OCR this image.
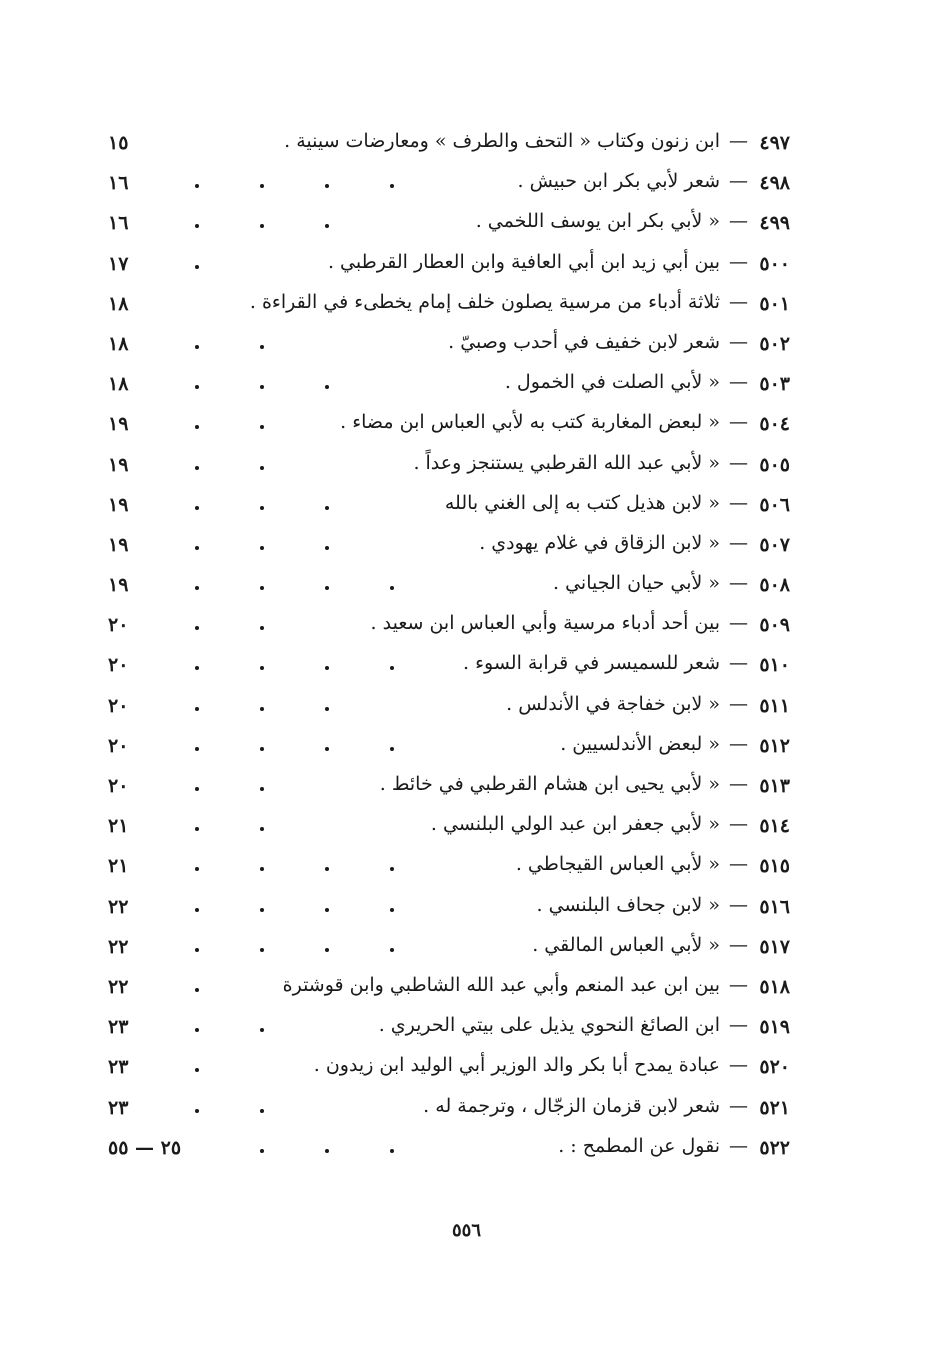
٤٩٧
—
ابن زنون وكتاب « التحف والطرف » ومعارضات سينية .
١٥
٤٩٨
—
شعر لأبي بكر ابن حبيش .
١٦
٤٩٩
—
« لأبي بكر ابن يوسف اللخمي .
١٦
٥٠٠
—
بين أبي زيد ابن أبي العافية وابن العطار القرطبي .
١٧
٥٠١
—
ثلاثة أدباء من مرسية يصلون خلف إمام يخطىء في القراءة .
١٨
٥٠٢
—
شعر لابن خفيف في أحدب وصبيّ .
١٨
٥٠٣
—
« لأبي الصلت في الخمول .
١٨
٥٠٤
—
« لبعض المغاربة كتب به لأبي العباس ابن مضاء .
١٩
٥٠٥
—
« لأبي عبد الله القرطبي يستنجز وعداً .
١٩
٥٠٦
—
« لابن هذيل كتب به إلى الغني بالله
١٩
٥٠٧
—
« لابن الزقاق في غلام يهودي .
١٩
٥٠٨
—
« لأبي حيان الجياني .
١٩
٥٠٩
—
بين أحد أدباء مرسية وأبي العباس ابن سعيد .
٢٠
٥١٠
—
شعر للسميسر في قرابة السوء .
٢٠
٥١١
—
« لابن خفاجة في الأندلس .
٢٠
٥١٢
—
« لبعض الأندلسيين .
٢٠
٥١٣
—
« لأبي يحيى ابن هشام القرطبي في خائط .
٢٠
٥١٤
—
« لأبي جعفر ابن عبد الولي البلنسي .
٢١
٥١٥
—
« لأبي العباس القيجاطي .
٢١
٥١٦
—
« لابن جحاف البلنسي .
٢٢
٥١٧
—
« لأبي العباس المالقي .
٢٢
٥١٨
—
بين ابن عبد المنعم وأبي عبد الله الشاطبي وابن قوشترة
٢٢
٥١٩
—
ابن الصائغ النحوي يذيل على بيتي الحريري .
٢٣
٥٢٠
—
عبادة يمدح أبا بكر والد الوزير أبي الوليد ابن زيدون .
٢٣
٥٢١
—
شعر لابن قزمان الزجّال ، وترجمة له .
٢٣
٥٢٢
—
نقول عن المطمح : .
٢٥ — ٥٥
٥٥٦
